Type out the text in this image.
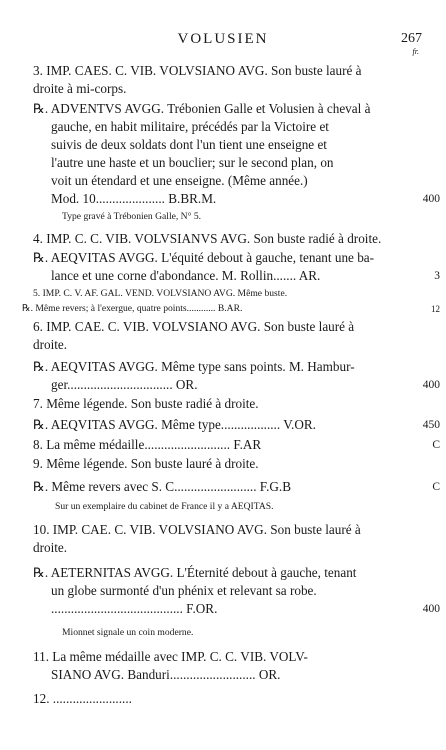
VOLUSIEN	267
fr.
3. IMP. CAES. C. VIB. VOLVSIANO AVG. Son buste lauré à
droite à mi-corps.
℞. ADVENTVS AVGG. Trébonien Galle et Volusien à cheval à
gauche, en habit militaire, précédés par la Victoire et
suivis de deux soldats dont l'un tient une enseigne et
l'autre une haste et un bouclier; sur le second plan, on
voit un étendard et une enseigne. (Même année.)
Mod. 10..................... B.BR.M.	400
Type gravé à Trébonien Galle, N° 5.
4. IMP. C. C. VIB. VOLVSIANVS AVG. Son buste radié à droite.
℞. AEQVITAS AVGG. L'équité debout à gauche, tenant une ba-
lance et une corne d'abondance. M. Rollin....... AR.	3
5. IMP. C. V. AF. GAL. VEND. VOLVSIANO AVG. Même buste.
℞. Même revers; à l'exergue, quatre points............ B.AR.	12
6. IMP. CAE. C. VIB. VOLVSIANO AVG. Son buste lauré à
droite.
℞. AEQVITAS AVGG. Même type sans points. M. Hambur-
ger................................ OR.	400
7. Même légende. Son buste radié à droite.
℞. AEQVITAS AVGG. Même type.................. V.OR.	450
8. La même médaille.......................... F.AR	C
9. Même légende. Son buste lauré à droite.
℞. Même revers avec S. C......................... F.G.B	C
Sur un exemplaire du cabinet de France il y a AEQITAS.
10. IMP. CAE. C. VIB. VOLVSIANO AVG. Son buste lauré à
droite.
℞. AETERNITAS AVGG. L'Éternité debout à gauche, tenant
un globe surmonté d'un phénix et relevant sa robe.
........................................ F.OR.	400
Mionnet signale un coin moderne.
11. La même médaille avec IMP. C. C. VIB. VOLV-
SIANO AVG. Banduri.......................... OR.
12. ........................
